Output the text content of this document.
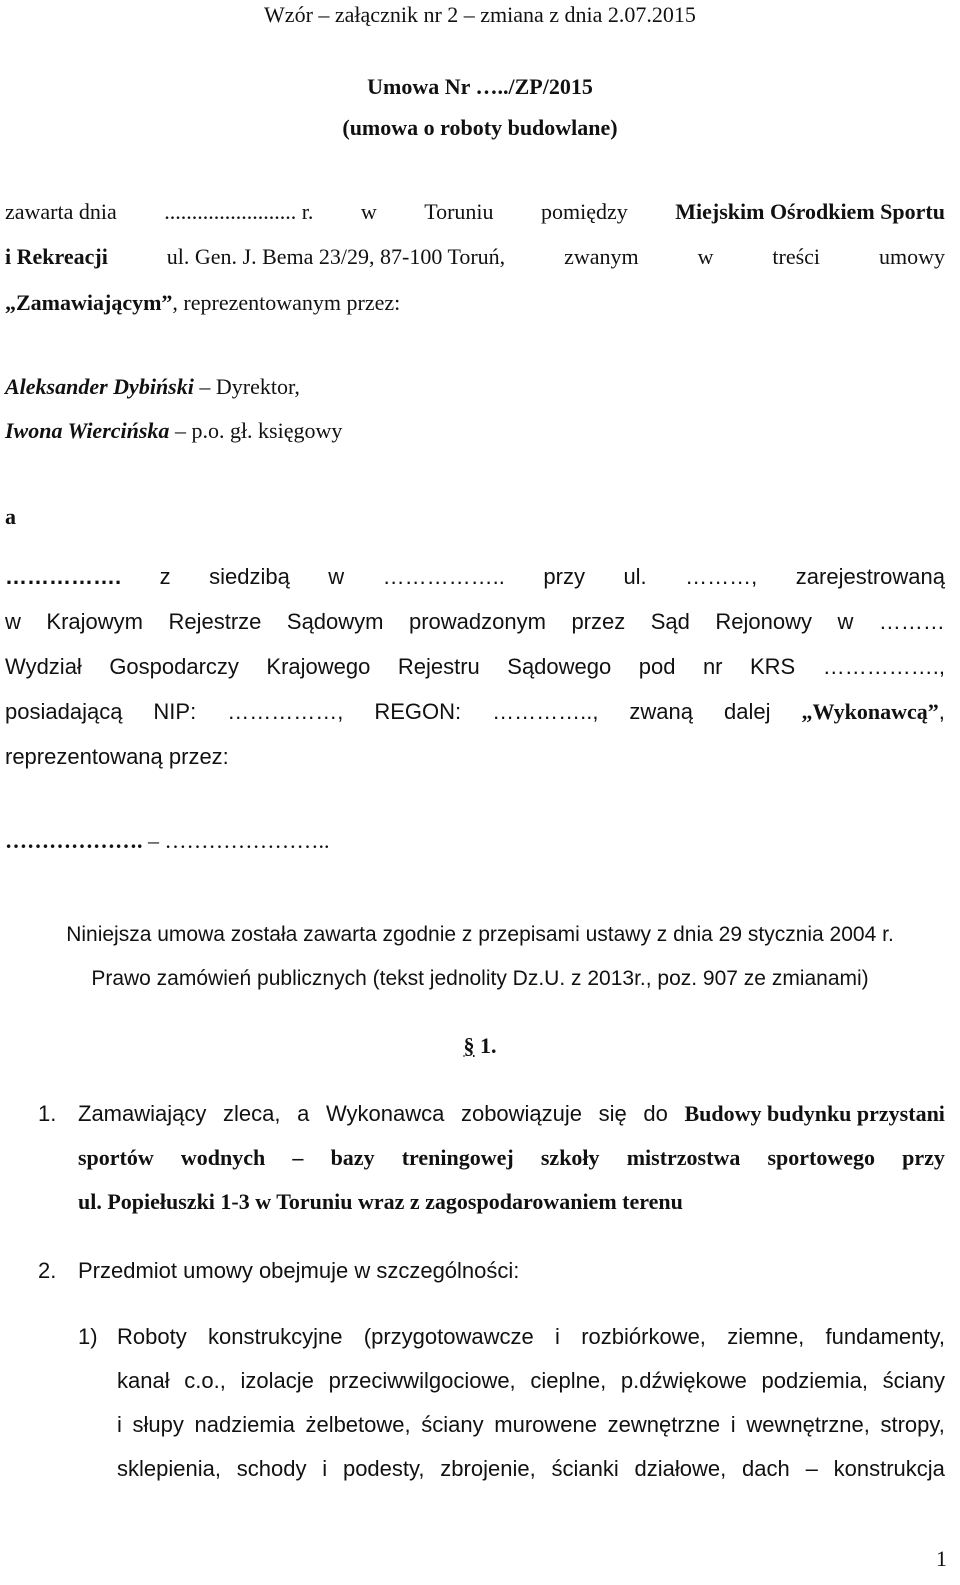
Wzór – załącznik nr 2 – zmiana z dnia 2.07.2015
Umowa Nr …../ZP/2015
(umowa o roboty budowlane)
zawarta dnia ........................ r. w Toruniu pomiędzy Miejskim Ośrodkiem Sportu
i Rekreacji	ul. Gen. J. Bema 23/29, 87-100 Toruń,	zwanym	w	treści	umowy
„Zamawiającym”, reprezentowanym przez:
Aleksander Dybiński – Dyrektor,
Iwona Wiercińska – p.o. gł. księgowy
a
……………. z siedzibą w …………….. przy ul. ………, zarejestrowaną
w Krajowym Rejestrze Sądowym prowadzonym przez Sąd Rejonowy w ………
Wydział Gospodarczy Krajowego Rejestru Sądowego pod nr KRS …………….,
posiadającą NIP: ……………, REGON: ………….., zwaną dalej „Wykonawcą”,
reprezentowaną przez:
………………. – …………………..
Niniejsza umowa została zawarta zgodnie z przepisami ustawy z dnia 29 stycznia 2004 r.
Prawo zamówień publicznych (tekst jednolity Dz.U. z 2013r., poz. 907 ze zmianami)
§ 1.
1. Zamawiający zleca, a Wykonawca zobowiązuje się do Budowy budynku przystani
sportów wodnych – bazy treningowej szkoły mistrzostwa sportowego przy
ul. Popiełuszki 1-3 w Toruniu wraz z zagospodarowaniem terenu
2. Przedmiot umowy obejmuje w szczególności:
1) Roboty konstrukcyjne (przygotowawcze i rozbiórkowe, ziemne, fundamenty,
kanał c.o., izolacje przeciwwilgociowe, cieplne, p.dźwiękowe podziemia, ściany
i słupy nadziemia żelbetowe, ściany murowene zewnętrzne i wewnętrzne, stropy,
sklepienia, schody i podesty, zbrojenie, ścianki działowe, dach – konstrukcja
1
